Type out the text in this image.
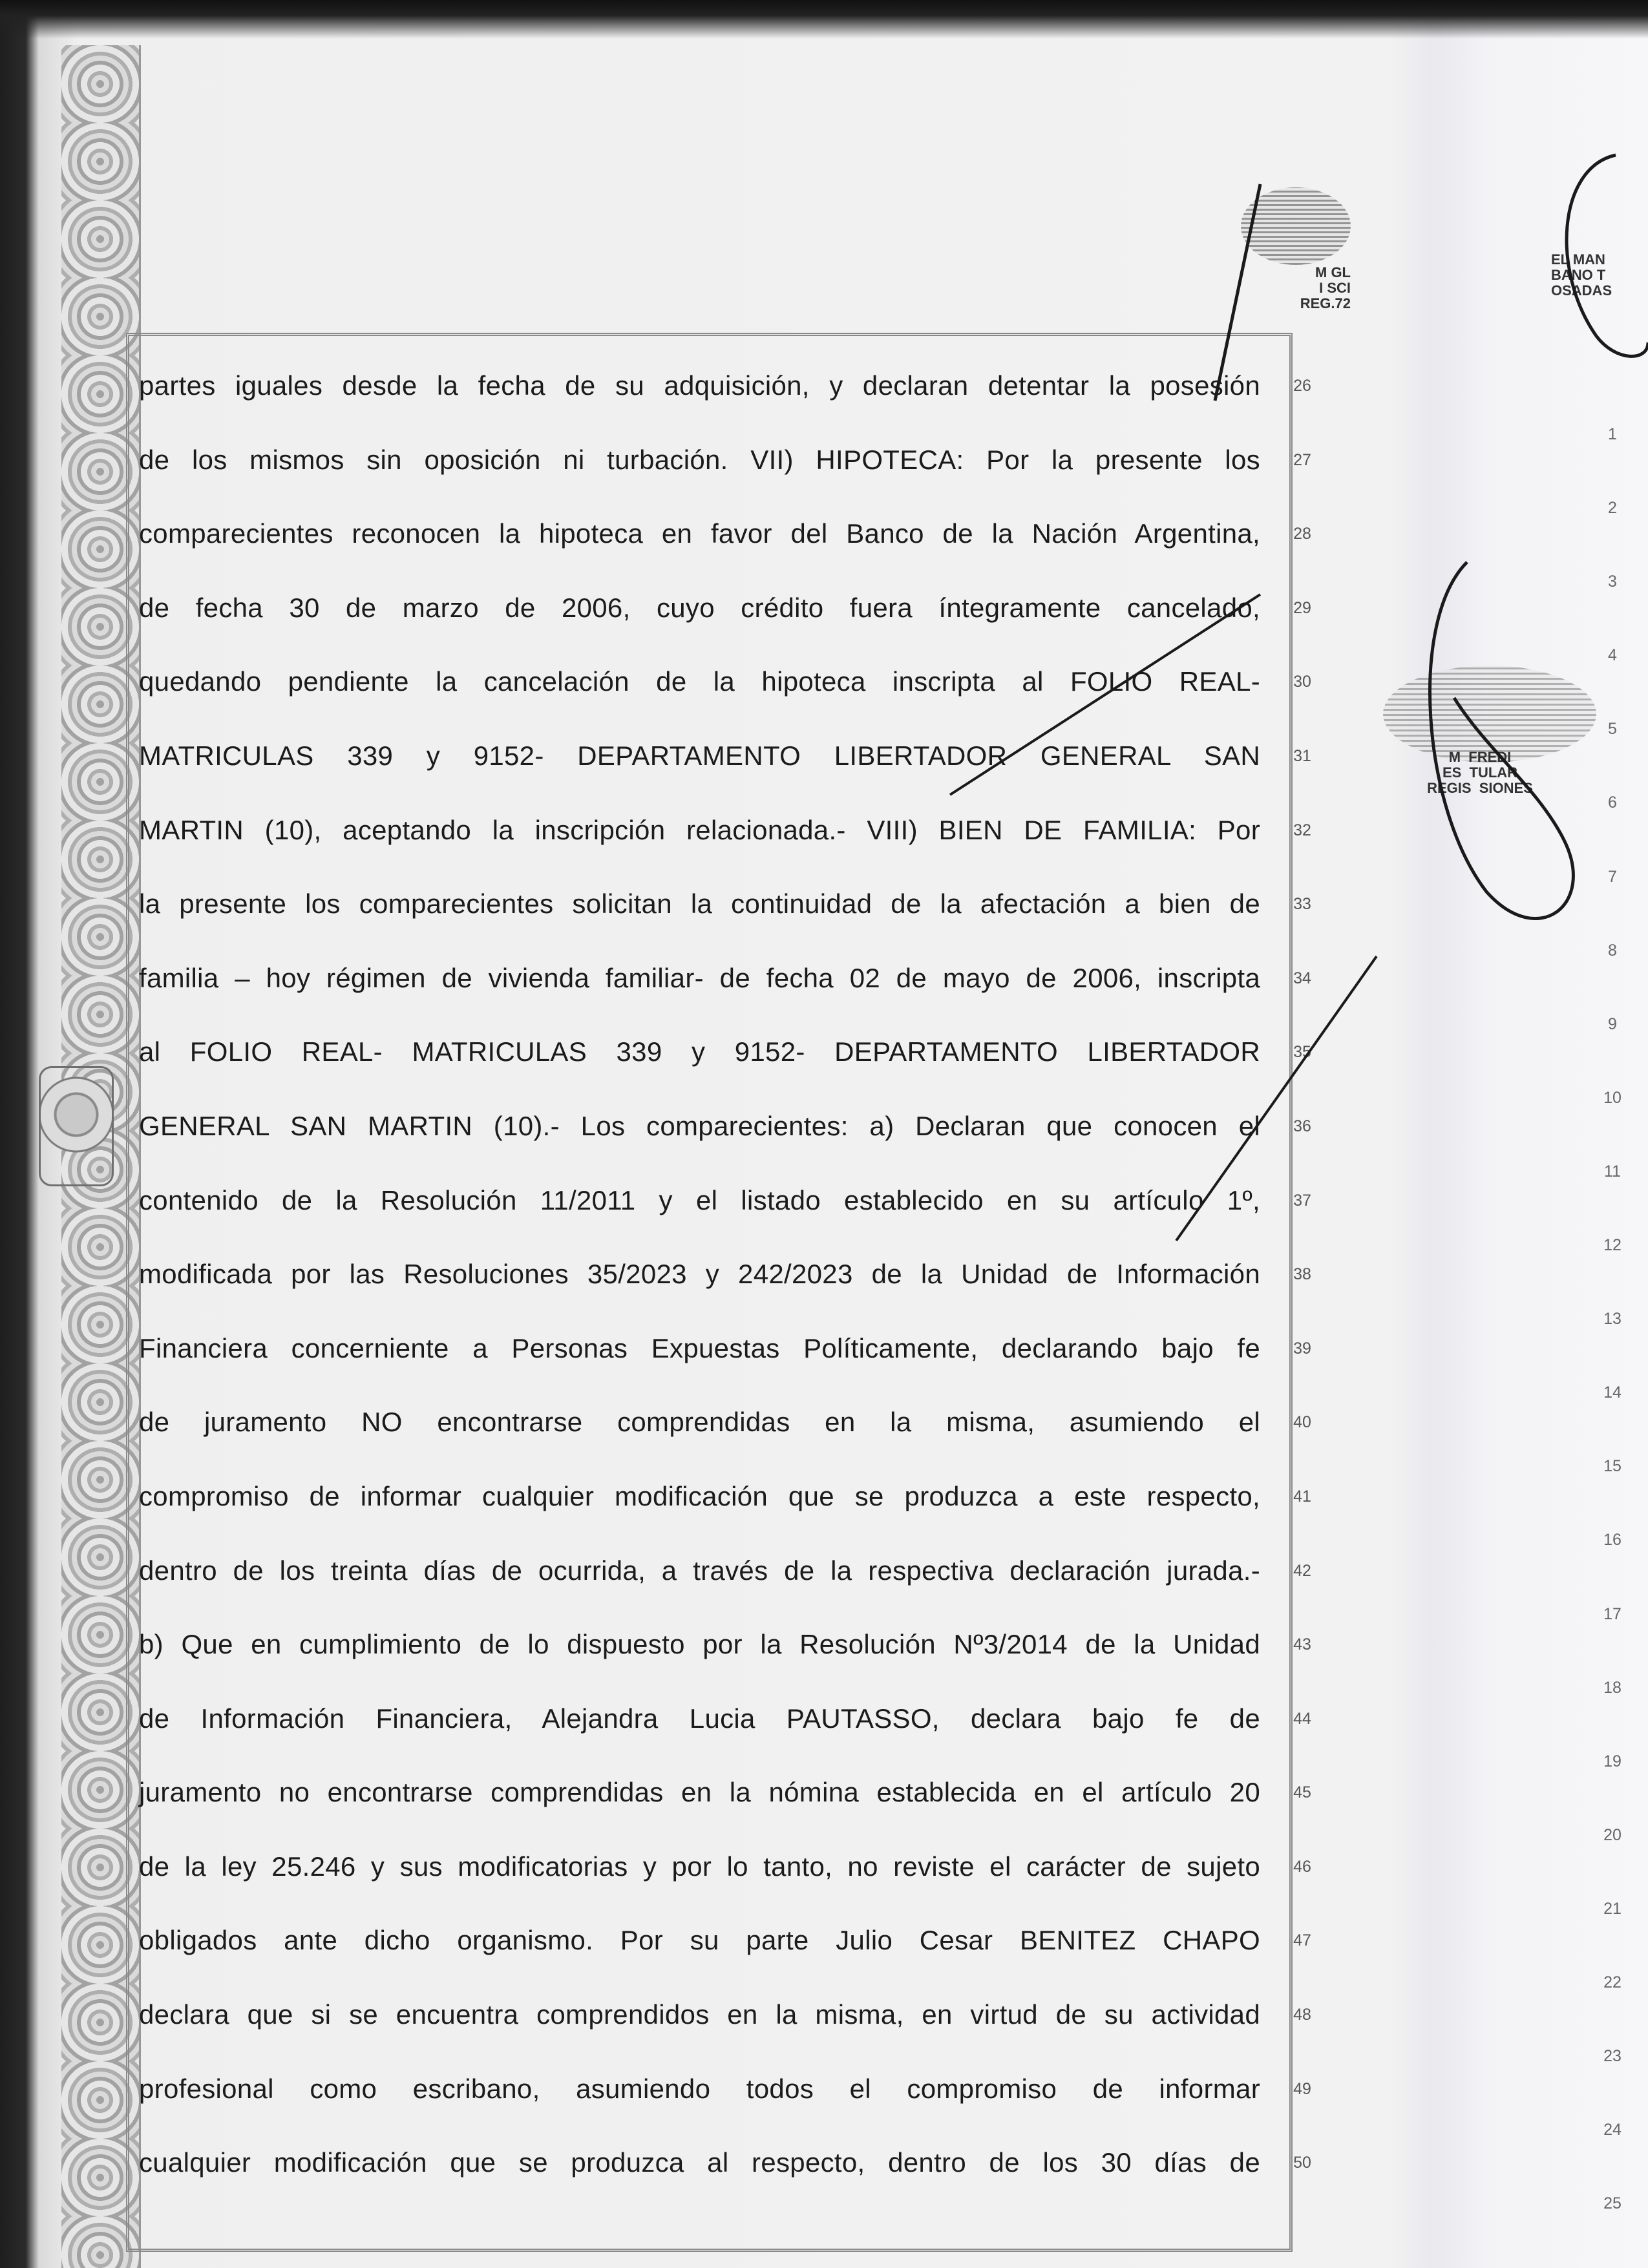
partes iguales desde la fecha de su adquisición, y declaran detentar la posesión
de los mismos sin oposición ni turbación. VII) HIPOTECA: Por la presente los
comparecientes reconocen la hipoteca en favor del Banco de la Nación Argentina,
de fecha 30 de marzo de 2006, cuyo crédito fuera íntegramente cancelado,
quedando pendiente la cancelación de la hipoteca inscripta al FOLIO REAL-
MATRICULAS 339 y 9152- DEPARTAMENTO LIBERTADOR GENERAL SAN
MARTIN (10), aceptando la inscripción relacionada.- VIII) BIEN DE FAMILIA: Por
la presente los comparecientes solicitan la continuidad de la afectación a bien de
familia – hoy régimen de vivienda familiar- de fecha 02 de mayo de 2006, inscripta
al FOLIO REAL- MATRICULAS 339 y 9152- DEPARTAMENTO LIBERTADOR
GENERAL SAN MARTIN (10).- Los comparecientes: a) Declaran que conocen el
contenido de la Resolución 11/2011 y el listado establecido en su artículo 1º,
modificada por las Resoluciones 35/2023 y 242/2023 de la Unidad de Información
Financiera concerniente a Personas Expuestas Políticamente, declarando bajo fe
de juramento NO encontrarse comprendidas en la misma, asumiendo el
compromiso de informar cualquier modificación que se produzca a este respecto,
dentro de los treinta días de ocurrida, a través de la respectiva declaración jurada.-
b) Que en cumplimiento de lo dispuesto por la Resolución Nº3/2014 de la Unidad
de Información Financiera, Alejandra Lucia PAUTASSO, declara bajo fe de
juramento no encontrarse comprendidas en la nómina establecida en el artículo 20
de la ley 25.246 y sus modificatorias y por lo tanto, no reviste el carácter de sujeto
obligados ante dicho organismo. Por su parte Julio Cesar BENITEZ CHAPO
declara que si se encuentra comprendidos en la misma, en virtud de su actividad
profesional como escribano, asumiendo todos el compromiso de informar
cualquier modificación que se produzca al respecto, dentro de los 30 días de
26
27
28
29
30
31
32
33
34
35
36
37
38
39
40
41
42
43
44
45
46
47
48
49
50
1
2
3
4
5
6
7
8
9
10
11
12
13
14
15
16
17
18
19
20
21
22
23
24
25
M GL
I SCI
REG.72
M  FREDI
ES  TULAR
REGIS  SIONES
EL MAN
BANO T
OSADAS
